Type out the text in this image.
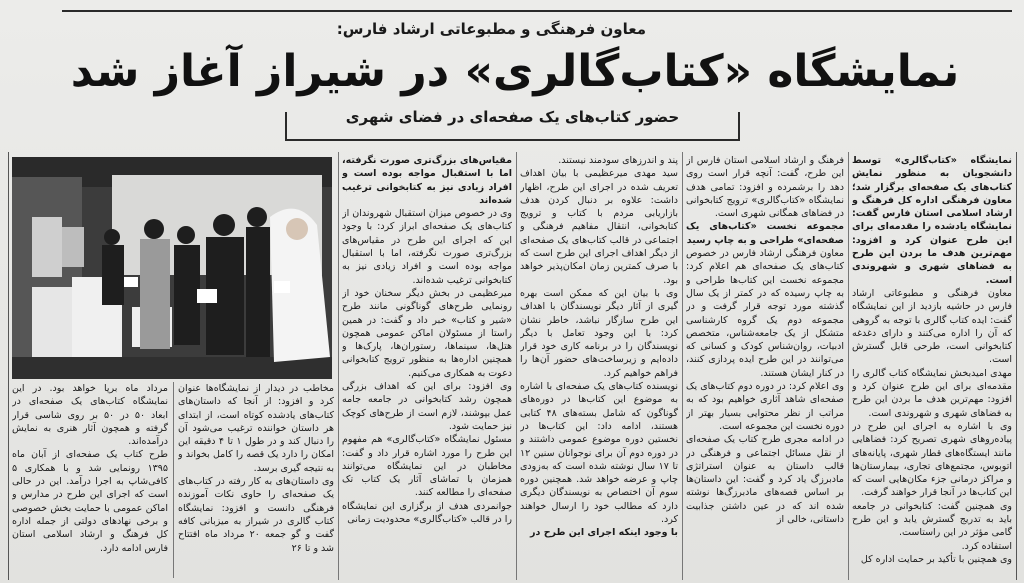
معاون فرهنگی و مطبوعاتی ارشاد فارس:
نمایشگاه «کتاب‌گالری» در شیراز آغاز شد
حضور کتاب‌های یک صفحه‌ای در فضای شهری

نمایشگاه «کتاب‌گالری» توسط دانشجویان به منظور نمایش کتاب‌های یک صفحه‌ای برگزار شد؛ معاون فرهنگی اداره کل فرهنگ و ارشاد اسلامی استان فارس گفت: نمایشگاه یادشده را مقدمه‌ای برای این طرح عنوان کرد و افزود: مهم‌ترین هدف ما بردن این طرح به فضاهای شهری و شهروندی است.

معاون فرهنگی و مطبوعاتی ارشاد فارس در حاشیه بازدید از این نمایشگاه گفت: ایده کتاب گالری با توجه به گروهی که آن را اداره می‌کنند و دارای دغدغه کتابخوانی است، طرحی قابل گسترش است.

مهدی امیدبخش نمایشگاه کتاب گالری را مقدمه‌ای برای این طرح عنوان کرد و افزود: مهم‌ترین هدف ما بردن این طرح به فضاهای شهری و شهروندی است.

وی با اشاره به اجرای این طرح در پیاده‌روهای شهری تصریح کرد: فضاهایی مانند ایستگاه‌های قطار شهری، پایانه‌های اتوبوس، مجتمع‌های تجاری، بیمارستان‌ها و مراکز درمانی جزء مکان‌هایی است که این کتاب‌ها در آنجا قرار خواهند گرفت.

وی همچنین گفت: کتابخوانی در جامعه باید به تدریج گسترش یابد و این طرح گامی مؤثر در این راستاست.

استفاده کرد.

وی همچنین با تأکید بر حمایت اداره کل

فرهنگ و ارشاد اسلامی استان فارس از این طرح، گفت: آنچه قرار است روی دهد را برشمرده و افزود: تمامی هدف نمایشگاه «کتاب‌گالری» ترویج کتابخوانی در فضاهای همگانی شهری است.

مجموعه نخست «کتاب‌های یک صفحه‌ای» طراحی و به چاپ رسید

معاون فرهنگی ارشاد فارس در خصوص کتاب‌های یک صفحه‌ای هم اعلام کرد: مجموعه نخست این کتاب‌ها طراحی و به چاپ رسیده که در کمتر از یک سال گذشته مورد توجه قرار گرفت و در مجموعه دوم یک گروه کارشناسی متشکل از یک جامعه‌شناس، متخصص ادبیات، روان‌شناس کودک و کسانی که می‌توانند در این طرح ایده پردازی کنند، در کنار ایشان هستند.

وی اعلام کرد: در دوره دوم کتاب‌های یک صفحه‌ای شاهد آثاری خواهیم بود که به مراتب از نظر محتوایی بسیار بهتر از دوره نخست این مجموعه است.

در ادامه مجری طرح کتاب یک صفحه‌ای از نقل مسائل اجتماعی و فرهنگی در قالب داستان به عنوان استراتژی مادبرزگ یاد کرد و گفت: این داستان‌ها بر اساس قصه‌های مادبرزگ‌ها نوشته شده اند که در عین داشتن جذابیت داستانی، خالی از

پند و اندرزهای سودمند نیستند.

سید مهدی میرعظیمی با بیان اهداف تعریف شده در اجرای این طرح، اظهار داشت: علاوه بر دنبال کردن هدف بازاریابی مردم با کتاب و ترویج کتابخوانی، انتقال مفاهیم فرهنگی و اجتماعی در قالب کتاب‌های یک صفحه‌ای از دیگر اهداف اجرای این طرح است که با صرف کمترین زمان امکان‌پذیر خواهد بود.

وی با بیان این که ممکن است بهره گیری از آثار دیگر نویسندگان با اهداف این طرح سازگار نباشد، خاطر نشان کرد: با این وجود تعامل با دیگر نویسندگان را در برنامه کاری خود قرار داده‌ایم و زیرساخت‌های حضور آن‌ها را فراهم خواهیم کرد.

نویسنده کتاب‌های یک صفحه‌ای با اشاره به موضوع این کتاب‌ها در دوره‌های گوناگون که شامل بسته‌های ۴۸ کتابی هستند، ادامه داد: این کتاب‌ها در نخستین دوره موضوع عمومی داشتند و در دوره دوم آن برای نوجوانان سنین ۱۲ تا ۱۷ سال نوشته شده است که به‌زودی چاپ و عرضه خواهد شد. همچنین دوره سوم آن اختصاص به نویسندگان دیگری دارد که مطالب خود را ارسال خواهند کرد.

با وجود اینکه اجرای این طرح در

مقیاس‌های بزرگ‌تری صورت نگرفته، اما با استقبال مواجه بوده است و افراد زیادی نیز به کتابخوانی ترغیب شده‌اند

وی در خصوص میزان استقبال شهروندان از کتاب‌های یک صفحه‌ای ابراز کرد: با وجود این که اجرای این طرح در مقیاس‌های بزرگ‌تری صورت نگرفته، اما با استقبال مواجه بوده است و افراد زیادی نیز به کتابخوانی ترغیب شده‌اند.

میرعظیمی در بخش دیگر سخنان خود از رونمایی طرح‌های گوناگونی مانند طرح «شیر و کتاب» خبر داد و گفت: در همین راستا از مسئولان اماکن عمومی همچون هتل‌ها، سینماها، رستوران‌ها، پارک‌ها و همچنین اداره‌ها به منظور ترویج کتابخوانی دعوت به همکاری می‌کنیم.

وی افزود: برای این که اهداف بزرگی همچون رشد کتابخوانی در جامعه جامه عمل بپوشند، لازم است از طرح‌های کوچک نیز حمایت شود.

مسئول نمایشگاه «کتاب‌گالری» هم مفهوم این طرح را مورد اشاره قرار داد و گفت: مخاطبان در این نمایشگاه می‌توانند همزمان با تماشای آثار یک کتاب تک صفحه‌ای را مطالعه کنند.

جوانمردی هدف از برگزاری این نمایشگاه را در قالب «کتاب‌گالری» محدودیت زمانی

مخاطب در دیدار از نمایشگاه‌ها عنوان کرد و افزود: از آنجا که داستان‌های کتاب‌های یادشده کوتاه است، از ابتدای هر داستان خواننده ترغیب می‌شود آن را دنبال کند و در طول ۱ تا ۴ دقیقه این امکان را دارد یک قصه را کامل بخواند و به نتیجه گیری برسد.

وی داستان‌های به کار رفته در کتاب‌های یک صفحه‌ای را حاوی نکات آموزنده فرهنگی دانست و افزود: نمایشگاه کتاب گالری در شیراز به میزبانی کافه گفت و گو جمعه ۲۰ مرداد ماه افتتاح شد و تا ۲۶

مرداد ماه برپا خواهد بود. در این نمایشگاه کتاب‌های یک صفحه‌ای در ابعاد ۵۰ در ۵۰ بر روی شاسی قرار گرفته و همچون آثار هنری به نمایش درآمده‌اند.

طرح کتاب یک صفحه‌ای از آبان ماه ۱۳۹۵ رونمایی شد و با همکاری ۵ کافی‌شاپ به اجرا درآمد. این در حالی است که اجرای این طرح در مدارس و اماکن عمومی با حمایت بخش خصوصی و برخی نهادهای دولتی از جمله اداره کل فرهنگ و ارشاد اسلامی استان فارس ادامه دارد.
